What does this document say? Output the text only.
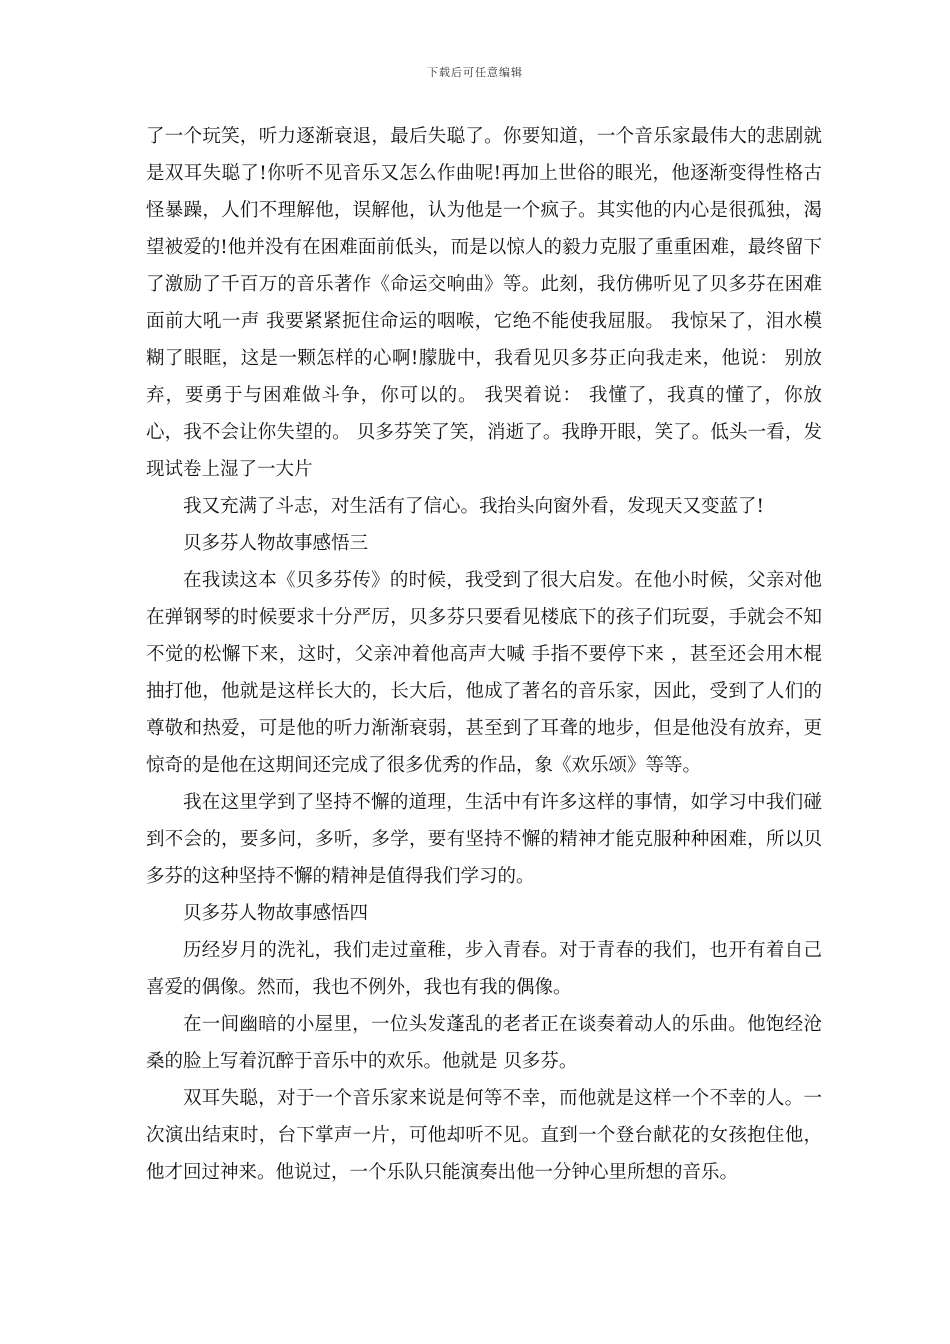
下载后可任意编辑

了一个玩笑，听力逐渐衰退，最后失聪了。你要知道，一个音乐家最伟大的悲剧就是双耳失聪了!你听不见音乐又怎么作曲呢!再加上世俗的眼光，他逐渐变得性格古怪暴躁，人们不理解他，误解他，认为他是一个疯子。其实他的内心是很孤独，渴望被爱的!他并没有在困难面前低头，而是以惊人的毅力克服了重重困难，最终留下了激励了千百万的音乐著作《命运交响曲》等。此刻，我仿佛听见了贝多芬在困难面前大吼一声 我要紧紧扼住命运的咽喉，它绝不能使我屈服。 我惊呆了，泪水模糊了眼眶，这是一颗怎样的心啊!朦胧中，我看见贝多芬正向我走来，他说： 别放弃，要勇于与困难做斗争，你可以的。 我哭着说： 我懂了，我真的懂了，你放心，我不会让你失望的。 贝多芬笑了笑，消逝了。我睁开眼，笑了。低头一看，发现试卷上湿了一大片

我又充满了斗志，对生活有了信心。我抬头向窗外看，发现天又变蓝了!

贝多芬人物故事感悟三

在我读这本《贝多芬传》的时候，我受到了很大启发。在他小时候，父亲对他在弹钢琴的时候要求十分严厉，贝多芬只要看见楼底下的孩子们玩耍，手就会不知不觉的松懈下来，这时，父亲冲着他高声大喊 手指不要停下来 ，甚至还会用木棍抽打他，他就是这样长大的，长大后，他成了著名的音乐家，因此，受到了人们的尊敬和热爱，可是他的听力渐渐衰弱，甚至到了耳聋的地步，但是他没有放弃，更惊奇的是他在这期间还完成了很多优秀的作品，象《欢乐颂》等等。

我在这里学到了坚持不懈的道理，生活中有许多这样的事情，如学习中我们碰到不会的，要多问，多听，多学，要有坚持不懈的精神才能克服种种困难，所以贝多芬的这种坚持不懈的精神是值得我们学习的。

贝多芬人物故事感悟四

历经岁月的洗礼，我们走过童稚，步入青春。对于青春的我们，也开有着自己喜爱的偶像。然而，我也不例外，我也有我的偶像。

在一间幽暗的小屋里，一位头发蓬乱的老者正在谈奏着动人的乐曲。他饱经沧桑的脸上写着沉醉于音乐中的欢乐。他就是 贝多芬。

双耳失聪，对于一个音乐家来说是何等不幸，而他就是这样一个不幸的人。一次演出结束时，台下掌声一片，可他却听不见。直到一个登台献花的女孩抱住他，他才回过神来。他说过，一个乐队只能演奏出他一分钟心里所想的音乐。
